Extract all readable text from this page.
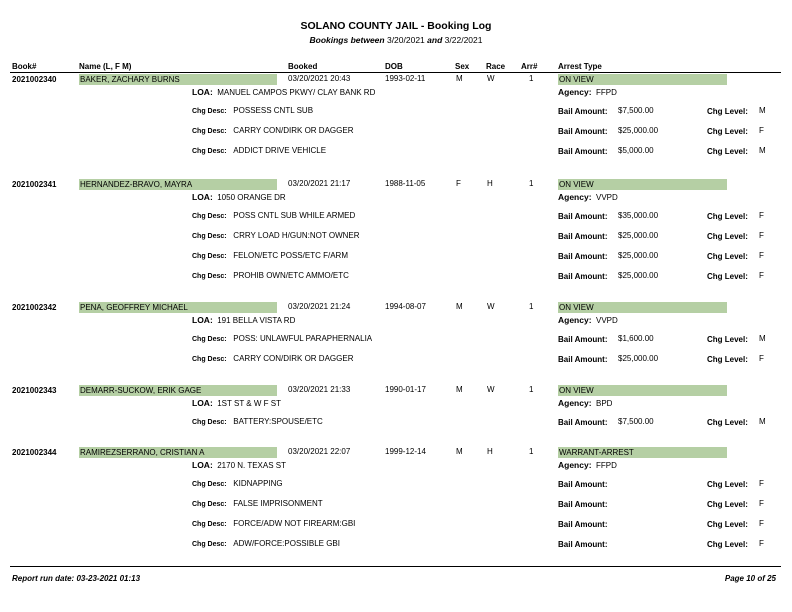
SOLANO COUNTY JAIL - Booking Log
Bookings between 3/20/2021 and 3/22/2021
Book#	Name (L, F M)	Booked	DOB	Sex Race Arr#	Arrest Type
2021002340	BAKER, ZACHARY BURNS	03/20/2021 20:43	1993-02-11	M	W	1	ON VIEW
LOA: MANUEL CAMPOS PKWY/ CLAY BANK RD	Agency: FFPD
Chg Desc: POSSESS CNTL SUB	Bail Amount: $7,500.00	Chg Level: M
Chg Desc: CARRY CON/DIRK OR DAGGER	Bail Amount: $25,000.00	Chg Level: F
Chg Desc: ADDICT DRIVE VEHICLE	Bail Amount: $5,000.00	Chg Level: M
2021002341	HERNANDEZ-BRAVO, MAYRA	03/20/2021 21:17	1988-11-05	F	H	1	ON VIEW
LOA: 1050 ORANGE DR	Agency: VVPD
Chg Desc: POSS CNTL SUB WHILE ARMED	Bail Amount: $35,000.00	Chg Level: F
Chg Desc: CRRY LOAD H/GUN:NOT OWNER	Bail Amount: $25,000.00	Chg Level: F
Chg Desc: FELON/ETC POSS/ETC F/ARM	Bail Amount: $25,000.00	Chg Level: F
Chg Desc: PROHIB OWN/ETC AMMO/ETC	Bail Amount: $25,000.00	Chg Level: F
2021002342	PENA, GEOFFREY MICHAEL	03/20/2021 21:24	1994-08-07	M	W	1	ON VIEW
LOA: 191 BELLA VISTA RD	Agency: VVPD
Chg Desc: POSS: UNLAWFUL PARAPHERNALIA	Bail Amount: $1,600.00	Chg Level: M
Chg Desc: CARRY CON/DIRK OR DAGGER	Bail Amount: $25,000.00	Chg Level: F
2021002343	DEMARR-SUCKOW, ERIK GAGE	03/20/2021 21:33	1990-01-17	M	W	1	ON VIEW
LOA: 1ST ST & W F ST	Agency: BPD
Chg Desc: BATTERY:SPOUSE/ETC	Bail Amount: $7,500.00	Chg Level: M
2021002344	RAMIREZSERRANO, CRISTIAN A	03/20/2021 22:07	1999-12-14	M	H	1	WARRANT-ARREST
LOA: 2170 N. TEXAS ST	Agency: FFPD
Chg Desc: KIDNAPPING	Bail Amount:	Chg Level: F
Chg Desc: FALSE IMPRISONMENT	Bail Amount:	Chg Level: F
Chg Desc: FORCE/ADW NOT FIREARM:GBI	Bail Amount:	Chg Level: F
Chg Desc: ADW/FORCE:POSSIBLE GBI	Bail Amount:	Chg Level: F
Report run date: 03-23-2021 01:13	Page 10 of 25
